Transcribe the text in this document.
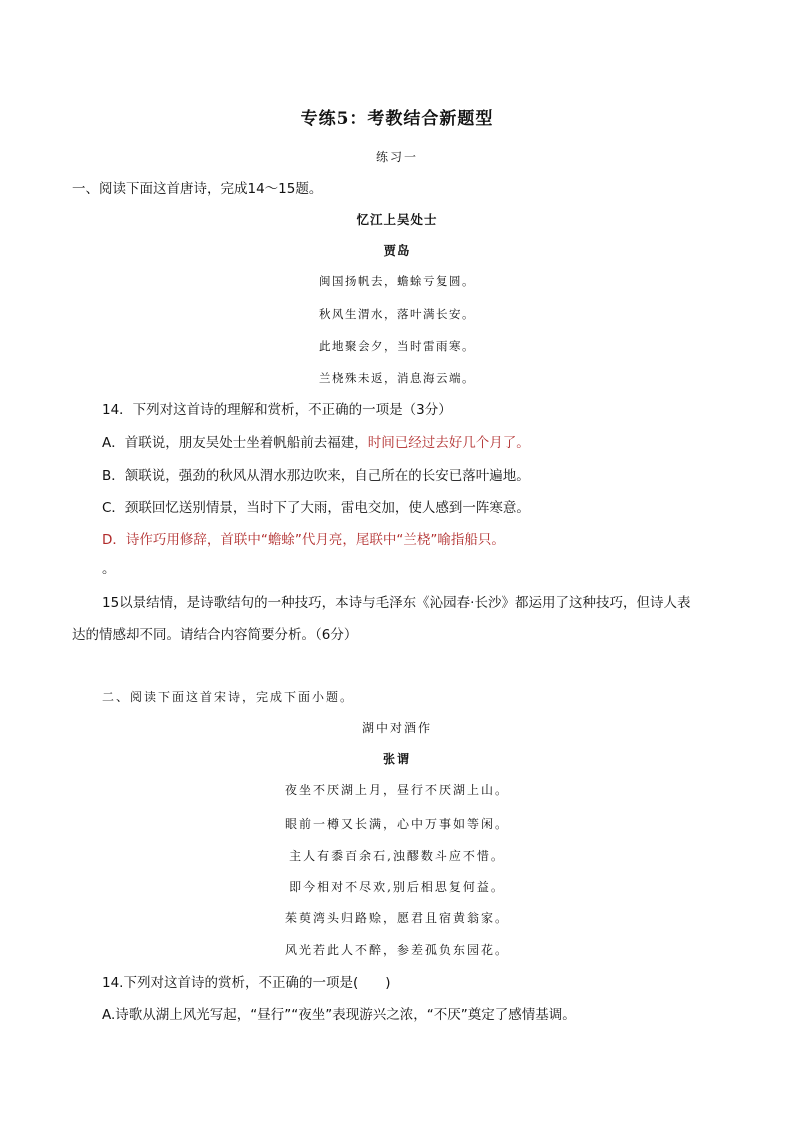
专练5：考教结合新题型
练习一
一、阅读下面这首唐诗，完成14～15题。
忆江上吴处士
贾岛
闽国扬帆去，蟾蜍亏复圆。
秋风生渭水，落叶满长安。
此地聚会夕，当时雷雨寒。
兰桡殊未返，消息海云端。
14．下列对这首诗的理解和赏析，不正确的一项是（3分）
A．首联说，朋友吴处士坐着帆船前去福建，时间已经过去好几个月了。
B．颔联说，强劲的秋风从渭水那边吹来，自己所在的长安已落叶遍地。
C．颈联回忆送别情景，当时下了大雨，雷电交加，使人感到一阵寒意。
D．诗作巧用修辞，首联中“蟾蜍”代月亮，尾联中“兰桡”喻指船只。
。
15以景结情，是诗歌结句的一种技巧，本诗与毛泽东《沁园春·长沙》都运用了这种技巧，但诗人表
达的情感却不同。请结合内容简要分析。（6分）
二、阅读下面这首宋诗，完成下面小题。
湖中对酒作
张谓
夜坐不厌湖上月，昼行不厌湖上山。
眼前一樽又长满，心中万事如等闲。
主人有黍百余石,浊醪数斗应不惜。
即今相对不尽欢,别后相思复何益。
茱萸湾头归路赊，愿君且宿黄翁家。
风光若此人不醉，参差孤负东园花。
14.下列对这首诗的赏析，不正确的一项是(　　)
A.诗歌从湖上风光写起，“昼行”“夜坐”表现游兴之浓，“不厌”奠定了感情基调。
